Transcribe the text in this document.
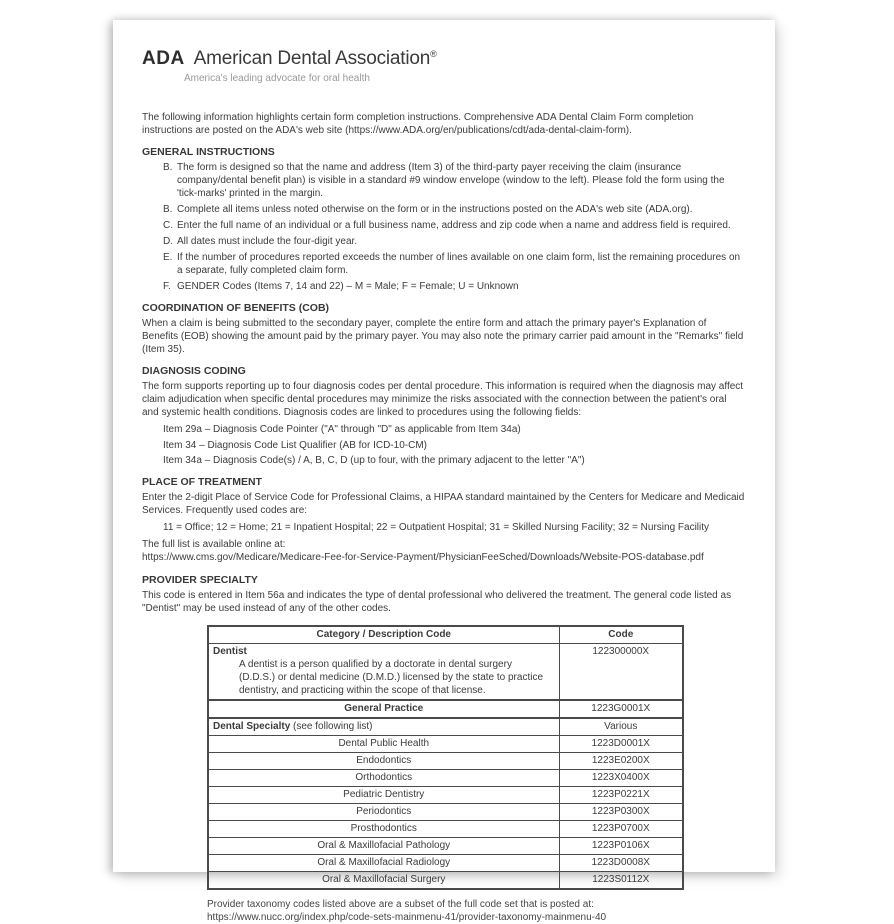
ADA American Dental Association®
America's leading advocate for oral health

The following information highlights certain form completion instructions. Comprehensive ADA Dental Claim Form completion instructions are posted on the ADA's web site (https://www.ADA.org/en/publications/cdt/ada-dental-claim-form).

GENERAL INSTRUCTIONS
B. The form is designed so that the name and address (Item 3) of the third-party payer receiving the claim (insurance company/dental benefit plan) is visible in a standard #9 window envelope (window to the left). Please fold the form using the 'tick-marks' printed in the margin.
B. Complete all items unless noted otherwise on the form or in the instructions posted on the ADA's web site (ADA.org).
C. Enter the full name of an individual or a full business name, address and zip code when a name and address field is required.
D. All dates must include the four-digit year.
E. If the number of procedures reported exceeds the number of lines available on one claim form, list the remaining procedures on a separate, fully completed claim form.
F. GENDER Codes (Items 7, 14 and 22) – M = Male; F = Female; U = Unknown
COORDINATION OF BENEFITS (COB)

When a claim is being submitted to the secondary payer, complete the entire form and attach the primary payer's Explanation of Benefits (EOB) showing the amount paid by the primary payer. You may also note the primary carrier paid amount in the "Remarks" field (Item 35).

DIAGNOSIS CODING

The form supports reporting up to four diagnosis codes per dental procedure. This information is required when the diagnosis may affect claim adjudication when specific dental procedures may minimize the risks associated with the connection between the patient's oral and systemic health conditions. Diagnosis codes are linked to procedures using the following fields:

Item 29a – Diagnosis Code Pointer ("A" through "D" as applicable from Item 34a)
Item 34 – Diagnosis Code List Qualifier (AB for ICD-10-CM)
Item 34a – Diagnosis Code(s) / A, B, C, D (up to four, with the primary adjacent to the letter "A")
PLACE OF TREATMENT

Enter the 2-digit Place of Service Code for Professional Claims, a HIPAA standard maintained by the Centers for Medicare and Medicaid Services. Frequently used codes are:

11 = Office; 12 = Home; 21 = Inpatient Hospital; 22 = Outpatient Hospital; 31 = Skilled Nursing Facility; 32 = Nursing Facility
The full list is available online at:
https://www.cms.gov/Medicare/Medicare-Fee-for-Service-Payment/PhysicianFeeSched/Downloads/Website-POS-database.pdf
PROVIDER SPECIALTY

This code is entered in Item 56a and indicates the type of dental professional who delivered the treatment. The general code listed as "Dentist" may be used instead of any of the other codes.

Category / Description Code	Code

Dentist
A dentist is a person qualified by a doctorate in dental surgery (D.D.S.) or dental medicine (D.M.D.) licensed by the state to practice dentistry, and practicing within the scope of that license.	122300000X
General Practice	1223G0001X
Dental Specialty (see following list)	Various
Dental Public Health	1223D0001X
Endodontics	1223E0200X
Orthodontics	1223X0400X
Pediatric Dentistry	1223P0221X
Periodontics	1223P0300X
Prosthodontics	1223P0700X
Oral & Maxillofacial Pathology	1223P0106X
Oral & Maxillofacial Radiology	1223D0008X
Oral & Maxillofacial Surgery	1223S0112X
Provider taxonomy codes listed above are a subset of the full code set that is posted at:
https://www.nucc.org/index.php/code-sets-mainmenu-41/provider-taxonomy-mainmenu-40
